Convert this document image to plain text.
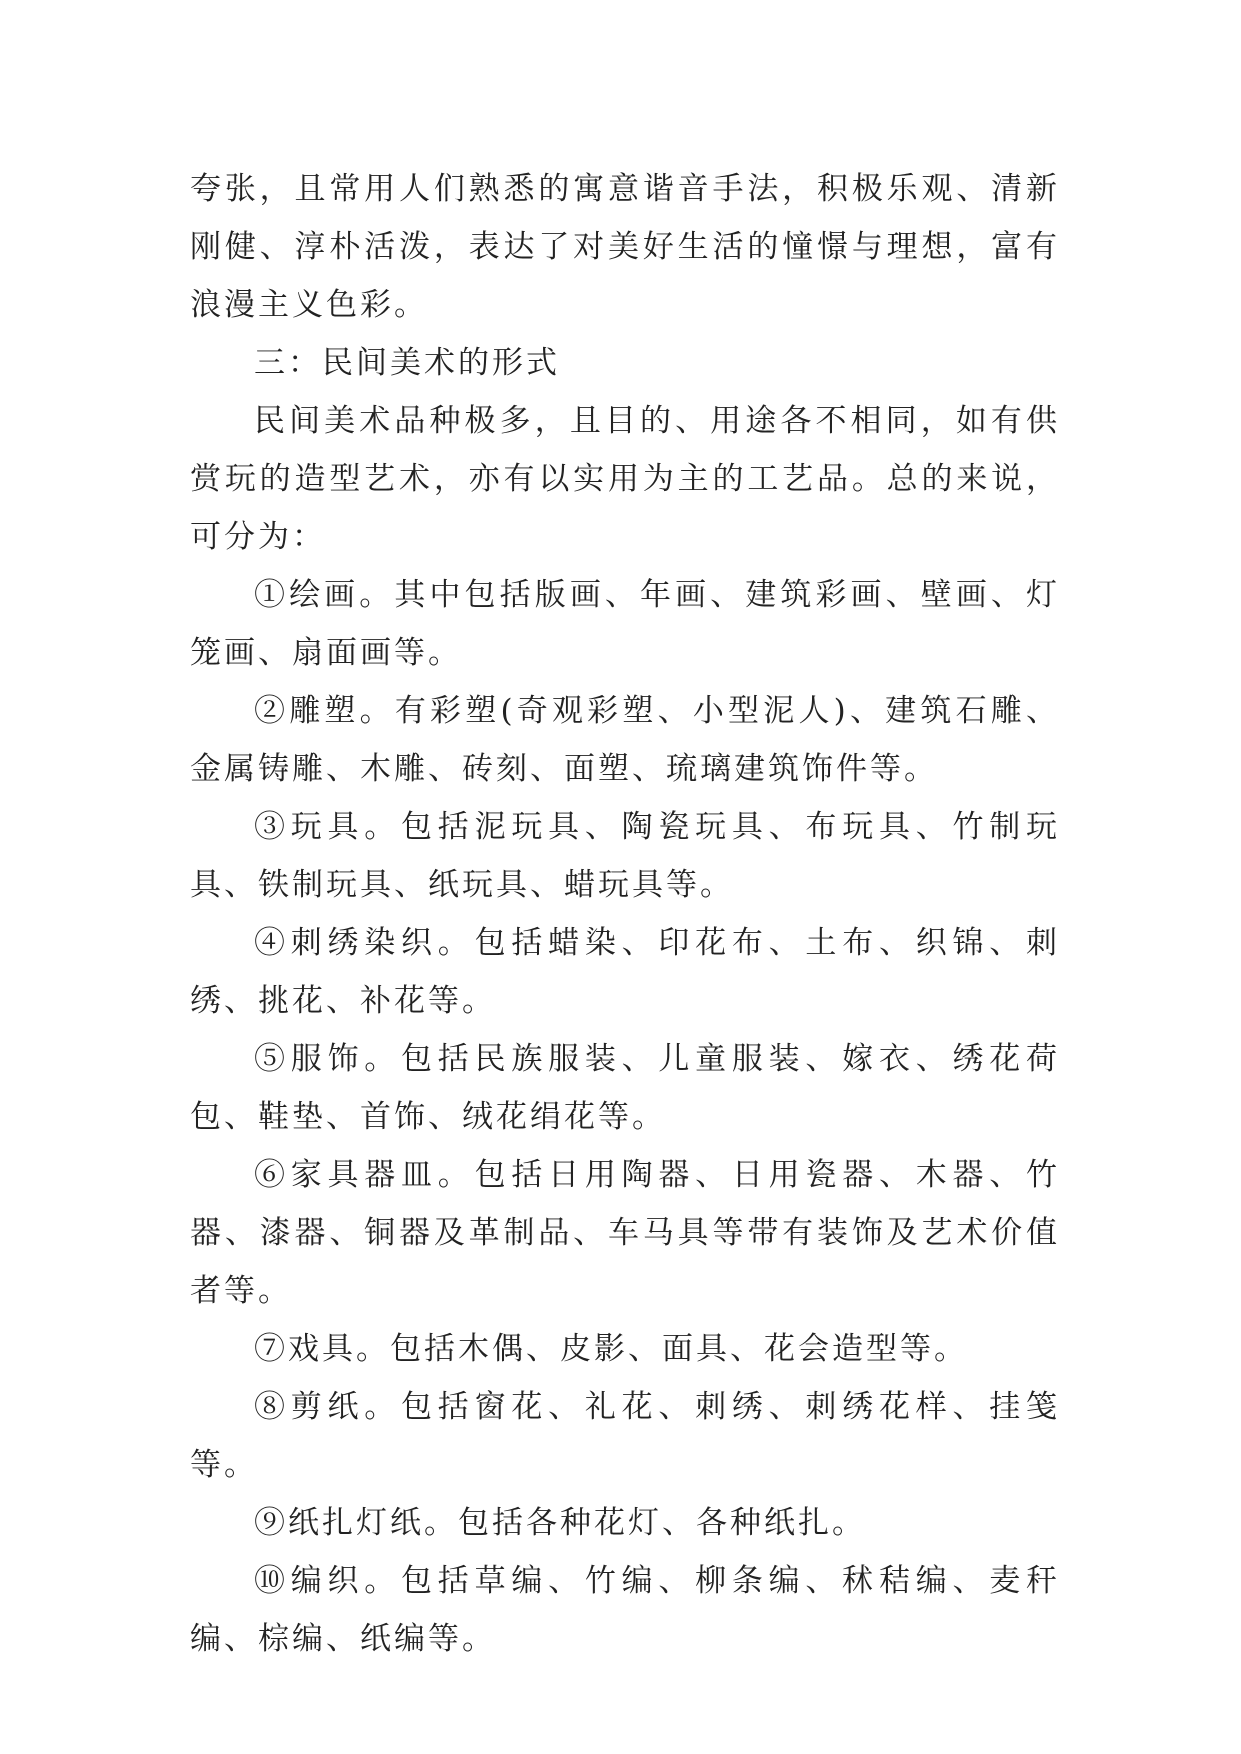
夸张，且常用人们熟悉的寓意谐音手法，积极乐观、清新刚健、淳朴活泼，表达了对美好生活的憧憬与理想，富有浪漫主义色彩。

三：民间美术的形式

民间美术品种极多，且目的、用途各不相同，如有供赏玩的造型艺术，亦有以实用为主的工艺品。总的来说，可分为：

①绘画。其中包括版画、年画、建筑彩画、壁画、灯笼画、扇面画等。

②雕塑。有彩塑(奇观彩塑、小型泥人)、建筑石雕、金属铸雕、木雕、砖刻、面塑、琉璃建筑饰件等。

③玩具。包括泥玩具、陶瓷玩具、布玩具、竹制玩具、铁制玩具、纸玩具、蜡玩具等。

④刺绣染织。包括蜡染、印花布、土布、织锦、刺绣、挑花、补花等。

⑤服饰。包括民族服装、儿童服装、嫁衣、绣花荷包、鞋垫、首饰、绒花绢花等。

⑥家具器皿。包括日用陶器、日用瓷器、木器、竹器、漆器、铜器及革制品、车马具等带有装饰及艺术价值者等。

⑦戏具。包括木偶、皮影、面具、花会造型等。

⑧剪纸。包括窗花、礼花、刺绣、刺绣花样、挂笺等。

⑨纸扎灯纸。包括各种花灯、各种纸扎。

⑩编织。包括草编、竹编、柳条编、秫秸编、麦秆编、棕编、纸编等。
